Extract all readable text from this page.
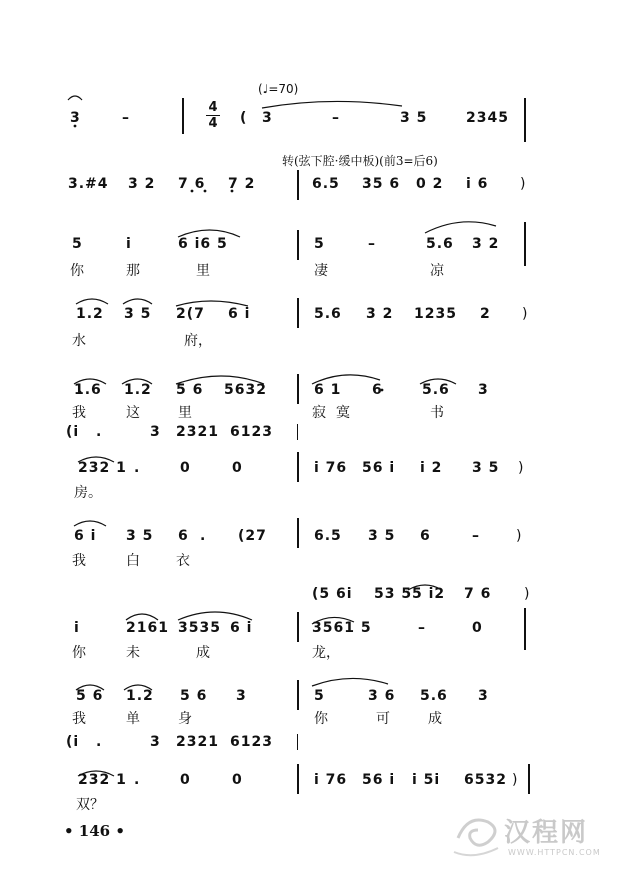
(♩=70)
3	–
4
4 ( 3	–	3 5	2345
转(弦下腔·缓中板)(前3=后6)
3.#4 3 2 7 6 7 2	6.5 35 6 0 2 i 6 )
5	i	6 i6 5	5	–	5.6 3 2
你	那	里	凄	凉
1.2 3 5 2(7 6 i	5.6 3 2 1235 2 )
水	府，
1.6 1.2 5 6 5632	6 1 6	5.6 3
我	这	里	寂 寞	书
(i .	3 2321 6123
232 1 .	0	0	i 76 56 i i 2 3 5 )
房。
6 i 3 5 6 . (27	6.5 3 5 6	–	)
我	白	衣
(5 6i 53 5 5 i2 7 6 )
i	2161 3535 6 i	3561 5	–	0
你	未	成	龙，
5 6 1.2 5 6 3	5	3 6 5.6 3
我	单	身	你	可	成
(i .	3 2321 6123
232 1 .	0	0	i 76 56 i i 5i 6532 )
双？
• 146 •	汉程网
WWW.HTTPCN.COM
